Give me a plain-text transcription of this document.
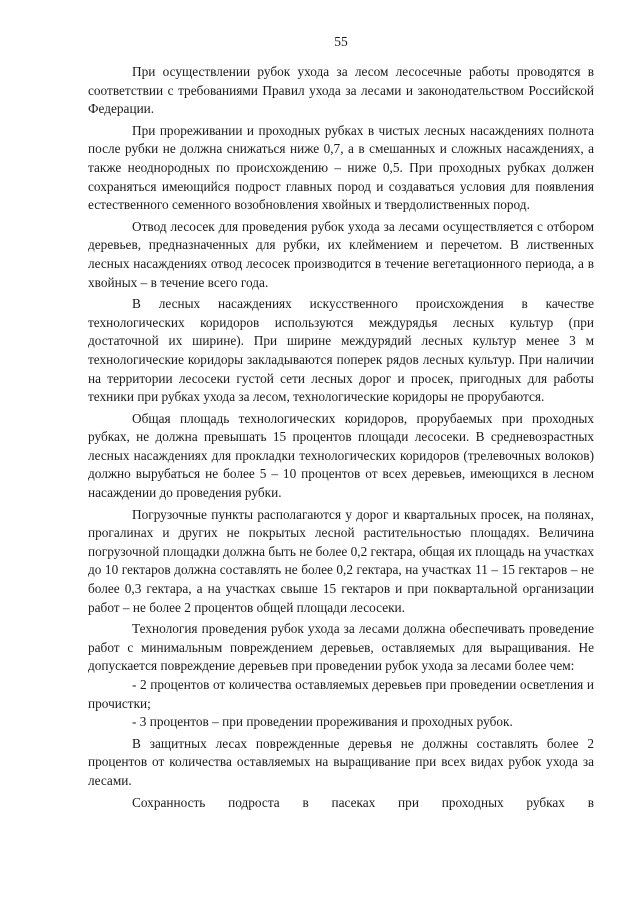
55

При осуществлении рубок ухода за лесом лесосечные работы проводятся в соответствии с требованиями Правил ухода за лесами и законодательством Российской Федерации.

При прореживании и проходных рубках в чистых лесных насаждениях полнота после рубки не должна снижаться ниже 0,7, а в смешанных и сложных насаждениях, а также неоднородных по происхождению – ниже 0,5. При проходных рубках должен сохраняться имеющийся подрост главных пород и создаваться условия для появления естественного семенного возобновления хвойных и твердолиственных пород.

Отвод лесосек для проведения рубок ухода за лесами осуществляется с отбором деревьев, предназначенных для рубки, их клеймением и перечетом. В лиственных лесных насаждениях отвод лесосек производится в течение вегетационного периода, а в хвойных – в течение всего года.

В лесных насаждениях искусственного происхождения в качестве технологических коридоров используются междурядья лесных культур (при достаточной их ширине). При ширине междурядий лесных культур менее 3 м технологические коридоры закладываются поперек рядов лесных культур. При наличии на территории лесосеки густой сети лесных дорог и просек, пригодных для работы техники при рубках ухода за лесом, технологические коридоры не прорубаются.

Общая площадь технологических коридоров, прорубаемых при проходных рубках, не должна превышать 15 процентов площади лесосеки. В средневозрастных лесных насаждениях для прокладки технологических коридоров (трелевочных волоков) должно вырубаться не более 5 – 10 процентов от всех деревьев, имеющихся в лесном насаждении до проведения рубки.

Погрузочные пункты располагаются у дорог и квартальных просек, на полянах, прогалинах и других не покрытых лесной растительностью площадях. Величина погрузочной площадки должна быть не более 0,2 гектара, общая их площадь на участках до 10 гектаров должна составлять не более 0,2 гектара, на участках 11 – 15 гектаров – не более 0,3 гектара, а на участках свыше 15 гектаров и при поквартальной организации работ – не более 2 процентов общей площади лесосеки.

Технология проведения рубок ухода за лесами должна обеспечивать проведение работ с минимальным повреждением деревьев, оставляемых для выращивания. Не допускается повреждение деревьев при проведении рубок ухода за лесами более чем:

- 2 процентов от количества оставляемых деревьев при проведении осветления и прочистки;

- 3 процентов – при проведении прореживания и проходных рубок.

В защитных лесах поврежденные деревья не должны составлять более 2 процентов от количества оставляемых на выращивание при всех видах рубок ухода за лесами.

Сохранность подроста в пасеках при проходных рубках в
